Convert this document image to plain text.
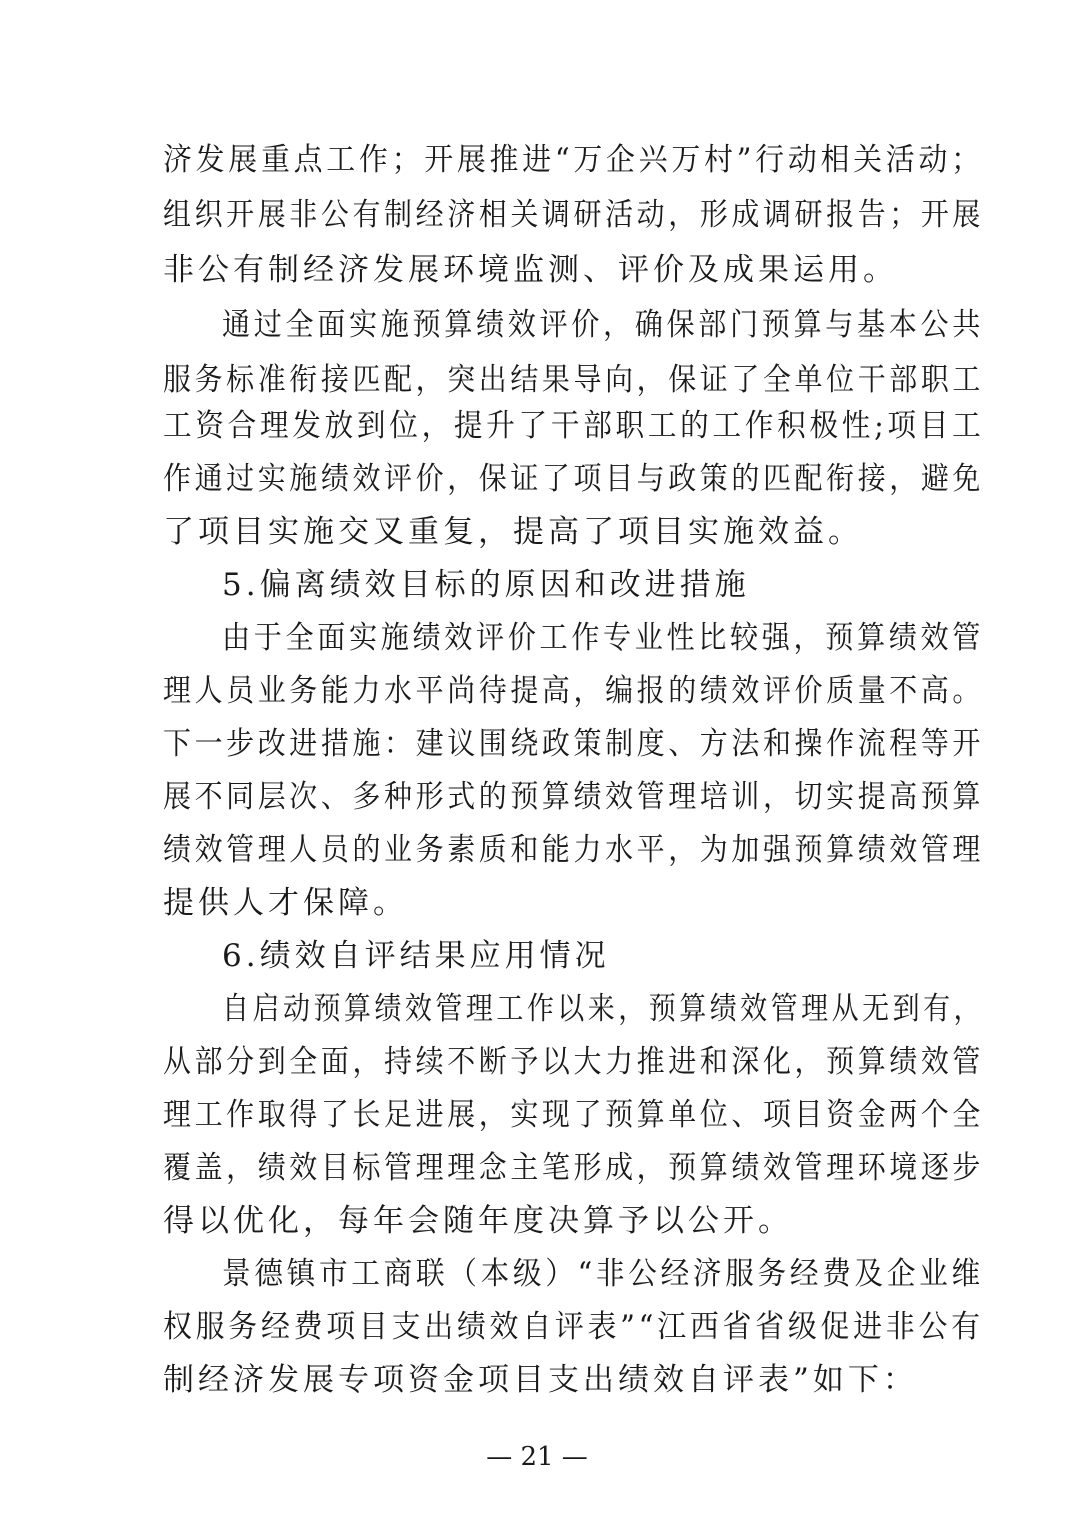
济发展重点工作；开展推进“万企兴万村”行动相关活动；
组织开展非公有制经济相关调研活动，形成调研报告；开展
非公有制经济发展环境监测、评价及成果运用。
通过全面实施预算绩效评价，确保部门预算与基本公共
服务标准衔接匹配，突出结果导向，保证了全单位干部职工
工资合理发放到位，提升了干部职工的工作积极性;项目工
作通过实施绩效评价，保证了项目与政策的匹配衔接，避免
了项目实施交叉重复，提高了项目实施效益。
5.偏离绩效目标的原因和改进措施
由于全面实施绩效评价工作专业性比较强，预算绩效管
理人员业务能力水平尚待提高，编报的绩效评价质量不高。
下一步改进措施：建议围绕政策制度、方法和操作流程等开
展不同层次、多种形式的预算绩效管理培训，切实提高预算
绩效管理人员的业务素质和能力水平，为加强预算绩效管理
提供人才保障。
6.绩效自评结果应用情况
自启动预算绩效管理工作以来，预算绩效管理从无到有，
从部分到全面，持续不断予以大力推进和深化，预算绩效管
理工作取得了长足进展，实现了预算单位、项目资金两个全
覆盖，绩效目标管理理念主笔形成，预算绩效管理环境逐步
得以优化，每年会随年度决算予以公开。
景德镇市工商联（本级）“非公经济服务经费及企业维
权服务经费项目支出绩效自评表”“江西省省级促进非公有
制经济发展专项资金项目支出绩效自评表”如下：
— 21 —
